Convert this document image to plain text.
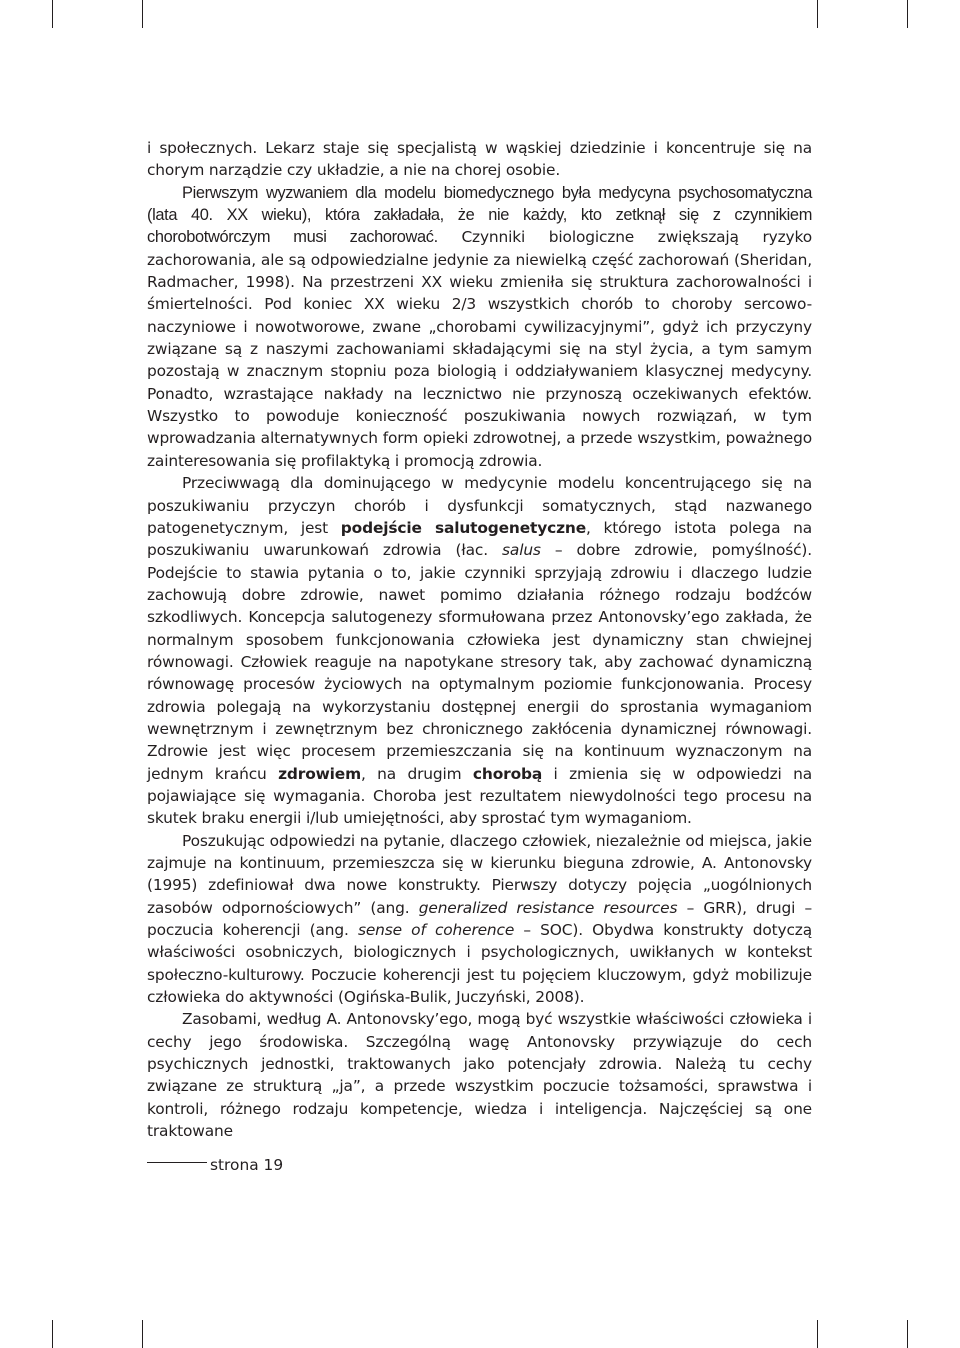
i społecznych. Lekarz staje się specjalistą w wąskiej dziedzinie i koncentruje się na chorym narządzie czy układzie, a nie na chorej osobie.

Pierwszym wyzwaniem dla modelu biomedycznego była medycyna psychosomatyczna (lata 40. XX wieku), która zakładała, że nie każdy, kto zetknął się z czynnikiem chorobotwórczym musi zachorować. Czynniki biologiczne zwiększają ryzyko zachorowania, ale są odpowiedzialne jedynie za niewielką część zachorowań (Sheridan, Radmacher, 1998). Na przestrzeni XX wieku zmieniła się struktura zachorowalności i śmiertelności. Pod koniec XX wieku 2/3 wszystkich chorób to choroby sercowo-naczyniowe i nowotworowe, zwane „chorobami cywilizacyjnymi”, gdyż ich przyczyny związane są z naszymi zachowaniami składającymi się na styl życia, a tym samym pozostają w znacznym stopniu poza biologią i oddziaływaniem klasycznej medycyny. Ponadto, wzrastające nakłady na lecznictwo nie przynoszą oczekiwanych efektów. Wszystko to powoduje konieczność poszukiwania nowych rozwiązań, w tym wprowadzania alternatywnych form opieki zdrowotnej, a przede wszystkim, poważnego zainteresowania się profilaktyką i promocją zdrowia.

Przeciwwagą dla dominującego w medycynie modelu koncentrującego się na poszukiwaniu przyczyn chorób i dysfunkcji somatycznych, stąd nazwanego patogenetycznym, jest podejście salutogenetyczne, którego istota polega na poszukiwaniu uwarunkowań zdrowia (łac. salus – dobre zdrowie, pomyślność). Podejście to stawia pytania o to, jakie czynniki sprzyjają zdrowiu i dlaczego ludzie zachowują dobre zdrowie, nawet pomimo działania różnego rodzaju bodźców szkodliwych. Koncepcja salutogenezy sformułowana przez Antonovsky’ego zakłada, że normalnym sposobem funkcjonowania człowieka jest dynamiczny stan chwiejnej równowagi. Człowiek reaguje na napotykane stresory tak, aby zachować dynamiczną równowagę procesów życiowych na optymalnym poziomie funkcjonowania. Procesy zdrowia polegają na wykorzystaniu dostępnej energii do sprostania wymaganiom wewnętrznym i zewnętrznym bez chronicznego zakłócenia dynamicznej równowagi. Zdrowie jest więc procesem przemieszczania się na kontinuum wyznaczonym na jednym krańcu zdrowiem, na drugim chorobą i zmienia się w odpowiedzi na pojawiające się wymagania. Choroba jest rezultatem niewydolności tego procesu na skutek braku energii i/lub umiejętności, aby sprostać tym wymaganiom.

Poszukując odpowiedzi na pytanie, dlaczego człowiek, niezależnie od miejsca, jakie zajmuje na kontinuum, przemieszcza się w kierunku bieguna zdrowie, A. Antonovsky (1995) zdefiniował dwa nowe konstrukty. Pierwszy dotyczy pojęcia „uogólnionych zasobów odpornościowych” (ang. generalized resistance resources – GRR), drugi – poczucia koherencji (ang. sense of coherence – SOC). Obydwa konstrukty dotyczą właściwości osobniczych, biologicznych i psychologicznych, uwikłanych w kontekst społeczno-kulturowy. Poczucie koherencji jest tu pojęciem kluczowym, gdyż mobilizuje człowieka do aktywności (Ogińska-Bulik, Juczyński, 2008).

Zasobami, według A. Antonovsky’ego, mogą być wszystkie właściwości człowieka i cechy jego środowiska. Szczególną wagę Antonovsky przywiązuje do cech psychicznych jednostki, traktowanych jako potencjały zdrowia. Należą tu cechy związane ze strukturą „ja”, a przede wszystkim poczucie tożsamości, sprawstwa i kontroli, różnego rodzaju kompetencje, wiedza i inteligencja. Najczęściej są one traktowane

strona 19
